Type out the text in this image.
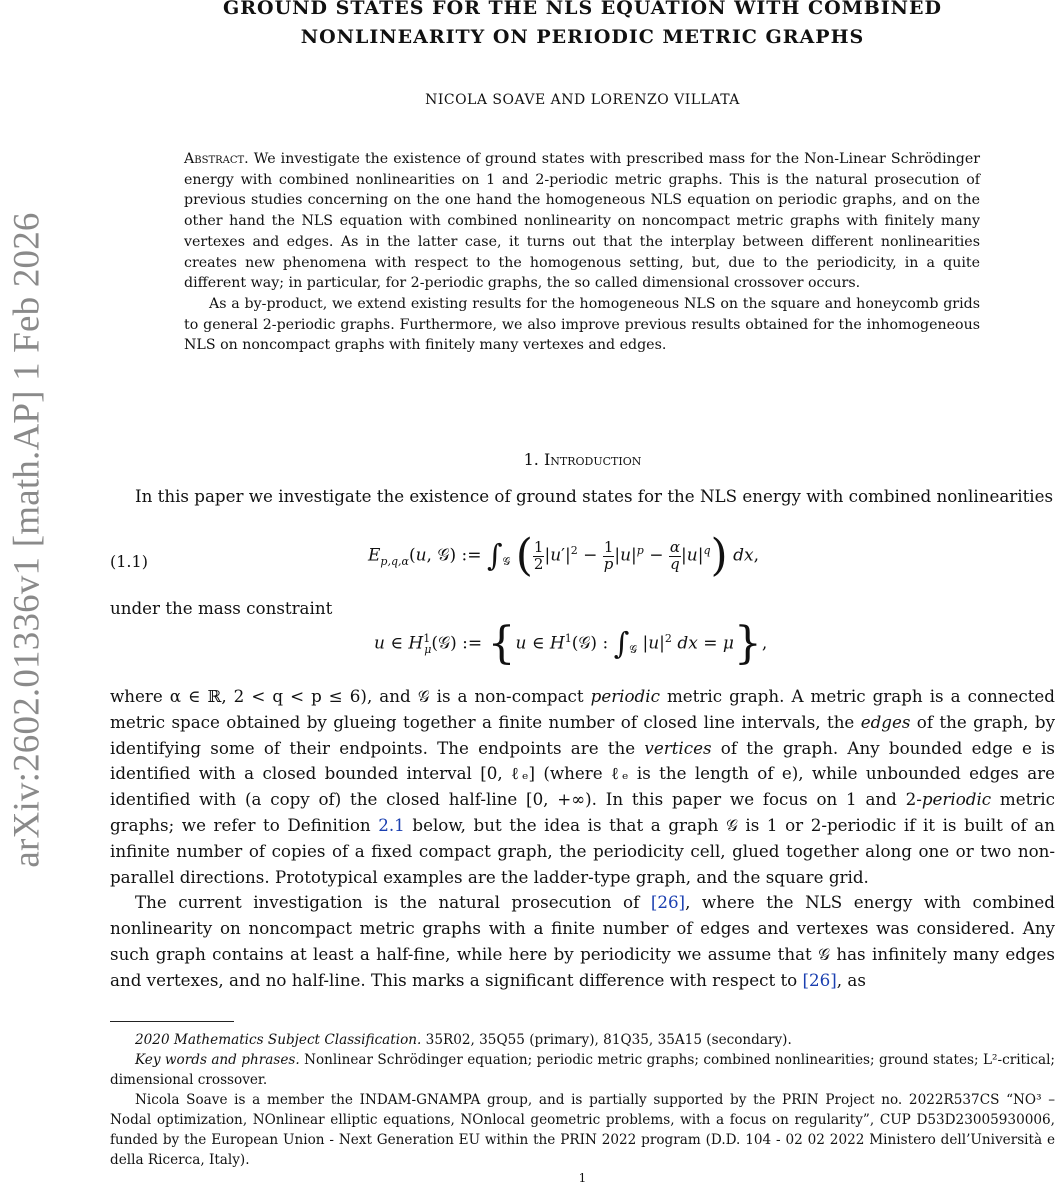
arXiv:2602.01336v1 [math.AP] 1 Feb 2026
GROUND STATES FOR THE NLS EQUATION WITH COMBINED
NONLINEARITY ON PERIODIC METRIC GRAPHS
NICOLA SOAVE AND LORENZO VILLATA

Abstract. We investigate the existence of ground states with prescribed mass for the Non-Linear Schrödinger energy with combined nonlinearities on 1 and 2-periodic metric graphs. This is the natural prosecution of previous studies concerning on the one hand the homogeneous NLS equation on periodic graphs, and on the other hand the NLS equation with combined nonlinearity on noncompact metric graphs with finitely many vertexes and edges. As in the latter case, it turns out that the interplay between different nonlinearities creates new phenomena with respect to the homogenous setting, but, due to the periodicity, in a quite different way; in particular, for 2-periodic graphs, the so called dimensional crossover occurs.

As a by-product, we extend existing results for the homogeneous NLS on the square and honeycomb grids to general 2-periodic graphs. Furthermore, we also improve previous results obtained for the inhomogeneous NLS on noncompact graphs with finitely many vertexes and edges.

1. Introduction

In this paper we investigate the existence of ground states for the NLS energy with combined nonlinearities

(1.1)	$E_{p,q,\alpha}(u$, 𝒢) := $\int_𝒢$ ( $\frac{1}{2} |u'|^2 - \frac{1}{p} |u|^p - \frac{\alpha}{q} |u|^q$) dx,

under the mass constraint

u ∈ $H^1_\mu(𝒢)$ := {u ∈ $H^1(𝒢)$ : $\int_𝒢$ $|u|^2$ dx = μ},

where α ∈ ℝ, 2 < q < p ≤ 6), and 𝒢 is a non-compact periodic metric graph. A metric graph is a connected metric space obtained by glueing together a finite number of closed line intervals, the edges of the graph, by identifying some of their endpoints. The endpoints are the vertices of the graph. Any bounded edge e is identified with a closed bounded interval [0, ℓₑ] (where ℓₑ is the length of e), while unbounded edges are identified with (a copy of) the closed half-line [0, +∞). In this paper we focus on 1 and 2-periodic metric graphs; we refer to Definition 2.1 below, but the idea is that a graph 𝒢 is 1 or 2-periodic if it is built of an infinite number of copies of a fixed compact graph, the periodicity cell, glued together along one or two non-parallel directions. Prototypical examples are the ladder-type graph, and the square grid.

The current investigation is the natural prosecution of [26], where the NLS energy with combined nonlinearity on noncompact metric graphs with a finite number of edges and vertexes was considered. Any such graph contains at least a half-fine, while here by periodicity we assume that 𝒢 has infinitely many edges and vertexes, and no half-line. This marks a significant difference with respect to [26], as

2020 Mathematics Subject Classification. 35R02, 35Q55 (primary), 81Q35, 35A15 (secondary).

Key words and phrases. Nonlinear Schrödinger equation; periodic metric graphs; combined nonlinearities; ground states; L²-critical; dimensional crossover.

Nicola Soave is a member the INDAM-GNAMPA group, and is partially supported by the PRIN Project no. 2022R537CS “NO³ – Nodal optimization, NOnlinear elliptic equations, NOnlocal geometric problems, with a focus on regularity”, CUP D53D23005930006, funded by the European Union - Next Generation EU within the PRIN 2022 program (D.D. 104 - 02 02 2022 Ministero dell’Università e della Ricerca, Italy).

1
